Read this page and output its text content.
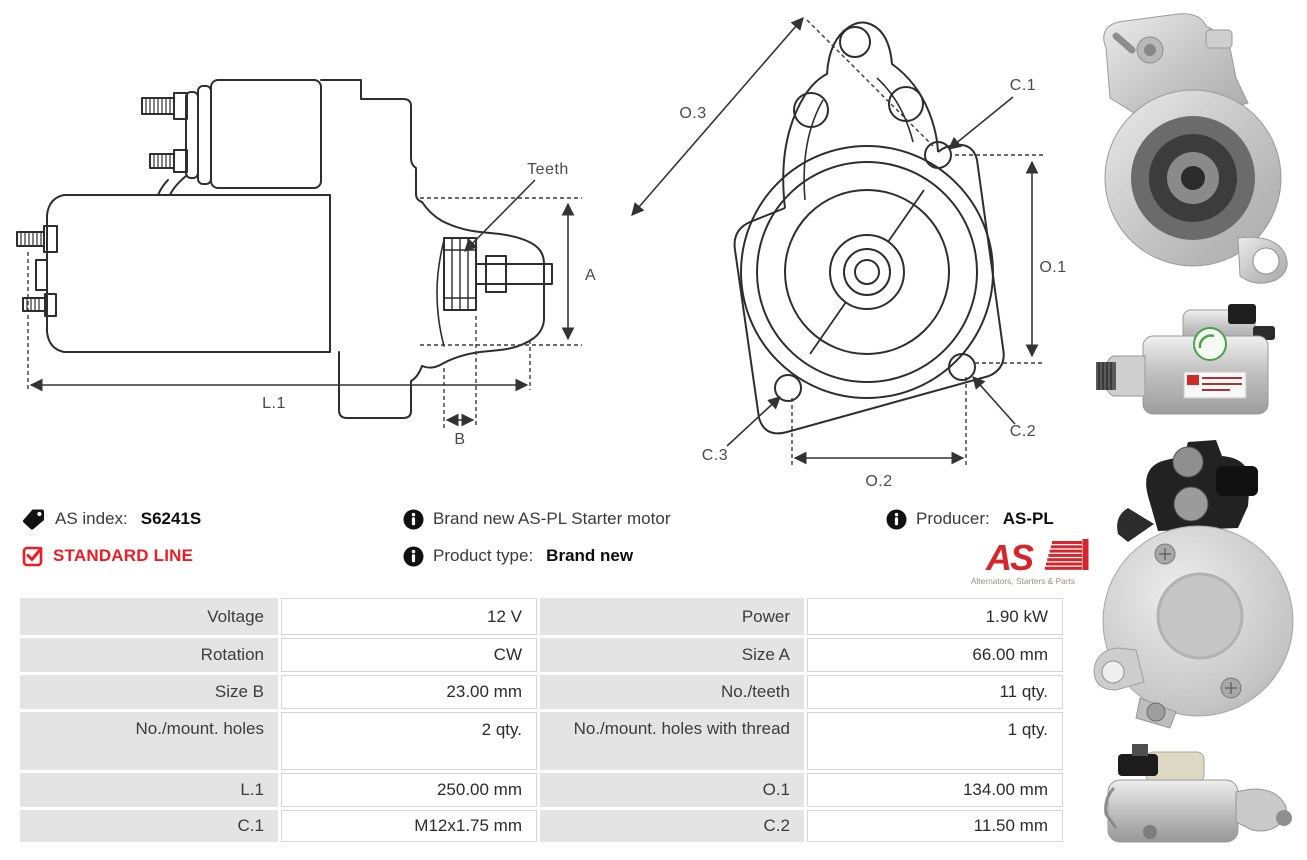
Teeth
A
L.1
B
O.3
C.1
O.1
C.2
C.3
O.2
AS index: S6241S
STANDARD LINE
Brand new AS-PL Starter motor
Product type: Brand new
Producer: AS-PL
AS
Alternators, Starters & Parts
Voltage	12 V	Power	1.90 kW
Rotation	CW	Size A	66.00 mm
Size B	23.00 mm	No./teeth	11 qty.
No./mount. holes	2 qty.	No./mount. holes with thread	1 qty.
L.1	250.00 mm	O.1	134.00 mm
C.1	M12x1.75 mm	C.2	11.50 mm
